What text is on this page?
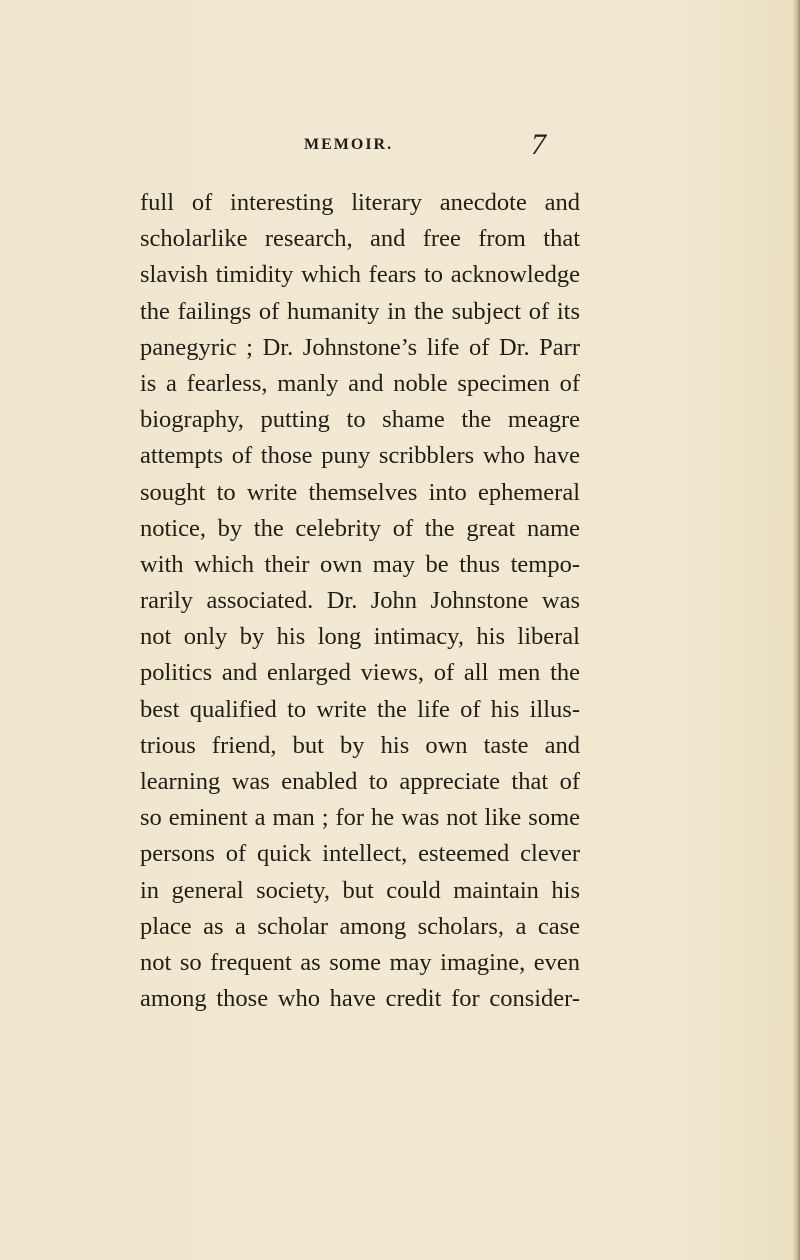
MEMOIR.	7
full of interesting literary anecdote and
scholarlike research, and free from that
slavish timidity which fears to acknowledge
the failings of humanity in the subject of its
panegyric ; Dr. Johnstone’s life of Dr. Parr
is a fearless, manly and noble specimen of
biography, putting to shame the meagre
attempts of those puny scribblers who have
sought to write themselves into ephemeral
notice, by the celebrity of the great name
with which their own may be thus tempo-
rarily associated. Dr. John Johnstone was
not only by his long intimacy, his liberal
politics and enlarged views, of all men the
best qualified to write the life of his illus-
trious friend, but by his own taste and
learning was enabled to appreciate that of
so eminent a man ; for he was not like some
persons of quick intellect, esteemed clever
in general society, but could maintain his
place as a scholar among scholars, a case
not so frequent as some may imagine, even
among those who have credit for consider-
